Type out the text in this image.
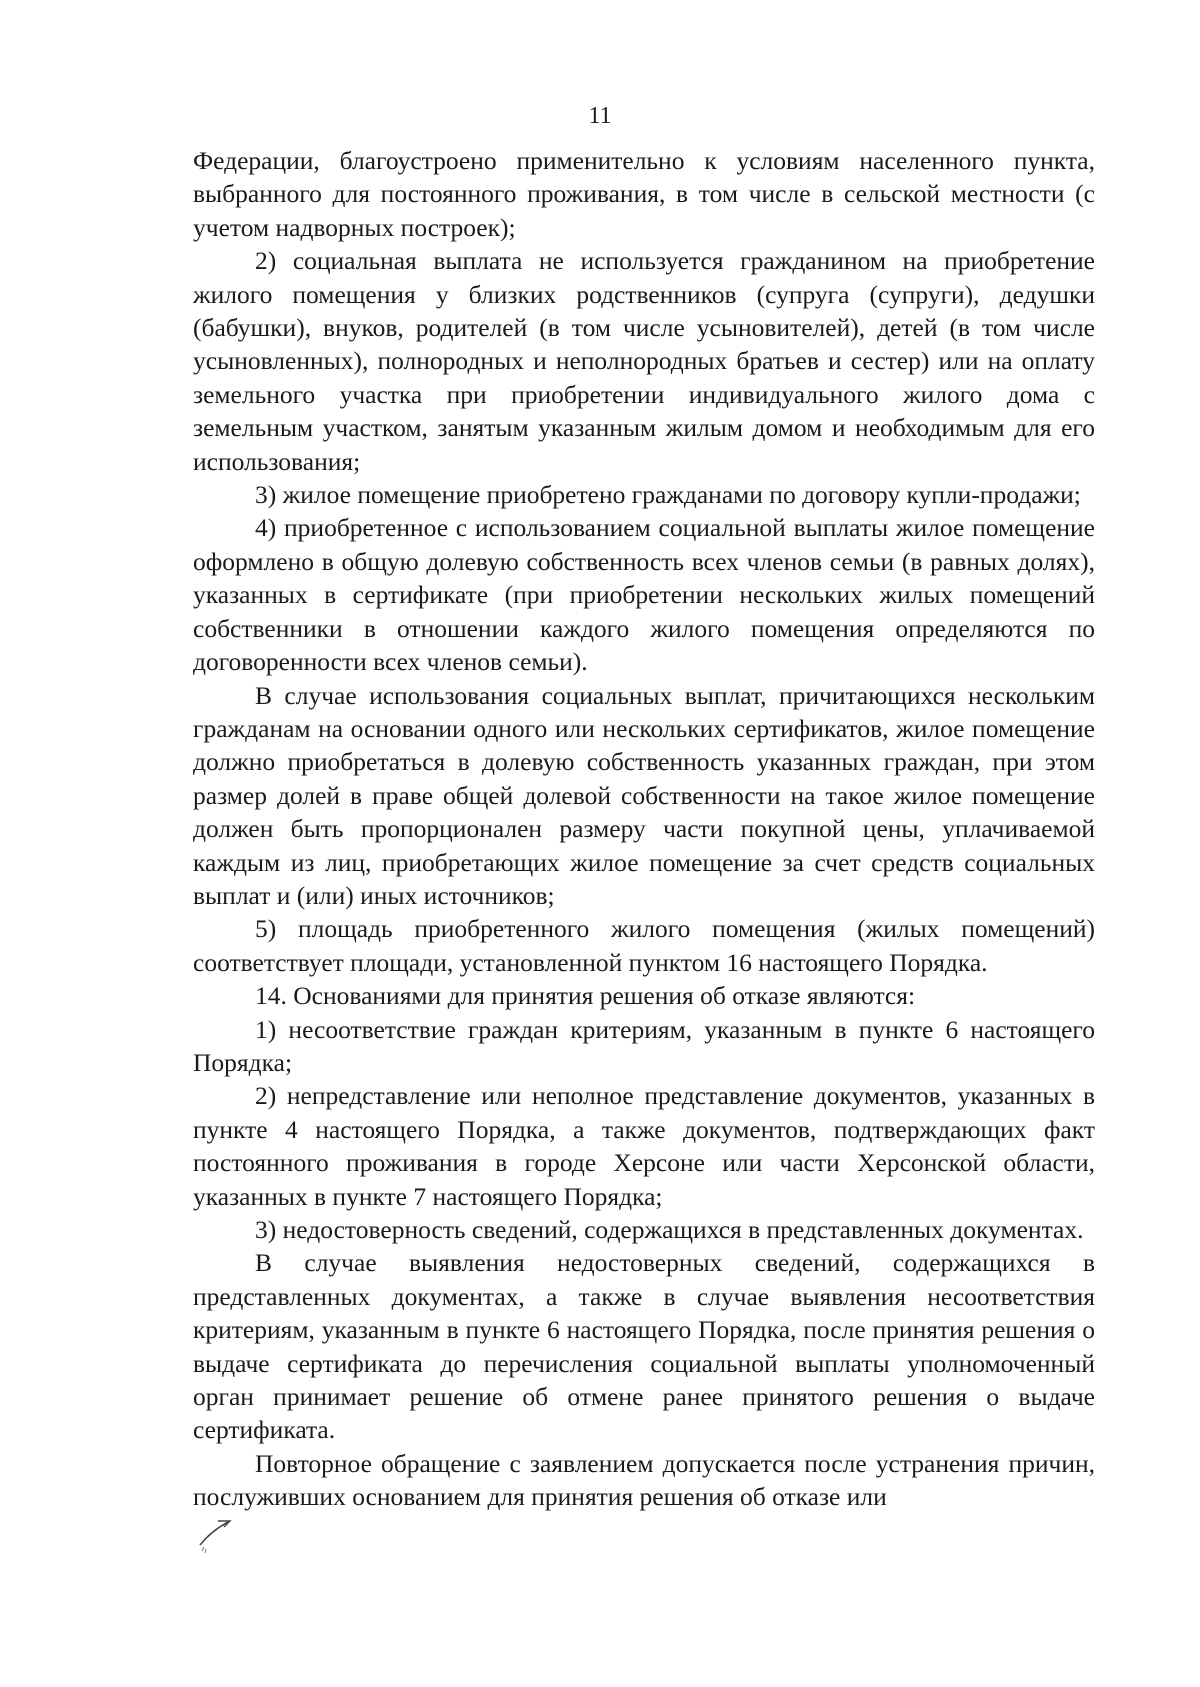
11

Федерации, благоустроено применительно к условиям населенного пункта, выбранного для постоянного проживания, в том числе в сельской местности (с учетом надворных построек);

2) социальная выплата не используется гражданином на приобретение жилого помещения у близких родственников (супруга (супруги), дедушки (бабушки), внуков, родителей (в том числе усыновителей), детей (в том числе усыновленных), полнородных и неполнородных братьев и сестер) или на оплату земельного участка при приобретении индивидуального жилого дома с земельным участком, занятым указанным жилым домом и необходимым для его использования;

3) жилое помещение приобретено гражданами по договору купли-продажи;

4) приобретенное с использованием социальной выплаты жилое помещение оформлено в общую долевую собственность всех членов семьи (в равных долях), указанных в сертификате (при приобретении нескольких жилых помещений собственники в отношении каждого жилого помещения определяются по договоренности всех членов семьи).

В случае использования социальных выплат, причитающихся нескольким гражданам на основании одного или нескольких сертификатов, жилое помещение должно приобретаться в долевую собственность указанных граждан, при этом размер долей в праве общей долевой собственности на такое жилое помещение должен быть пропорционален размеру части покупной цены, уплачиваемой каждым из лиц, приобретающих жилое помещение за счет средств социальных выплат и (или) иных источников;

5) площадь приобретенного жилого помещения (жилых помещений) соответствует площади, установленной пунктом 16 настоящего Порядка.

14. Основаниями для принятия решения об отказе являются:

1) несоответствие граждан критериям, указанным в пункте 6 настоящего Порядка;

2) непредставление или неполное представление документов, указанных в пункте 4 настоящего Порядка, а также документов, подтверждающих факт постоянного проживания в городе Херсоне или части Херсонской области, указанных в пункте 7 настоящего Порядка;

3) недостоверность сведений, содержащихся в представленных документах.

В случае выявления недостоверных сведений, содержащихся в представленных документах, а также в случае выявления несоответствия критериям, указанным в пункте 6 настоящего Порядка, после принятия решения о выдаче сертификата до перечисления социальной выплаты уполномоченный орган принимает решение об отмене ранее принятого решения о выдаче сертификата.

Повторное обращение с заявлением допускается после устранения причин, послуживших основанием для принятия решения об отказе или
